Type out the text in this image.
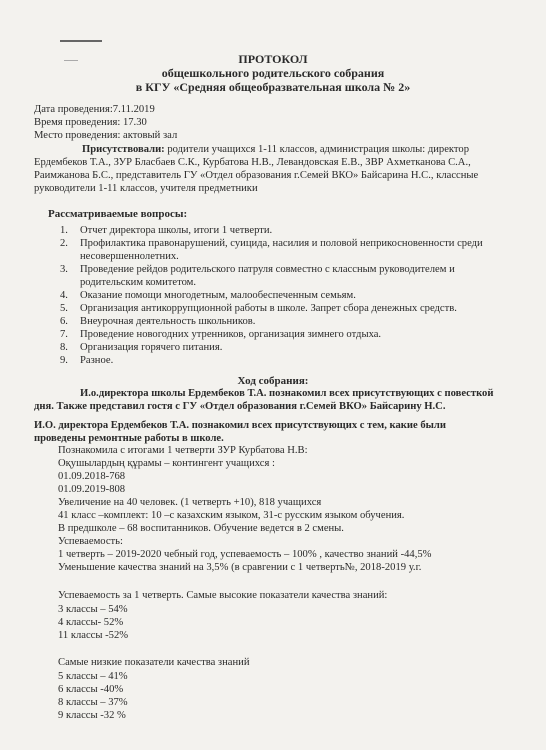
ПРОТОКОЛ
общешкольного родительского собрания
в КГУ «Средняя общеобразвательная школа № 2»
Дата проведения:7.11.2019
Время проведения: 17.30
Место проведения: актовый зал
Присутствовали: родители учащихся 1-11 классов, администрация школы: директор
Ердембеков Т.А., ЗУР Бласбаев С.К., Курбатова Н.В., Левандовская Е.В., ЗВР Ахметканова С.А.,
Раимжанова Б.С., представитель ГУ «Отдел образования г.Семей ВКО» Байсарина Н.С., классные
руководители 1-11 классов, учителя предметники
Рассматриваемые вопросы:
1. Отчет директора школы, итоги 1 четверти.
2. Профилактика правонарушений, суицида, насилия и половой неприкосновенности среди
несовершеннолетних.
3. Проведение рейдов родительского патруля совместно с классным руководителем и
родительским комитетом.
4. Оказание помощи многодетным, малообеспеченным семьям.
5. Организация антикоррупционной работы в школе. Запрет сбора денежных средств.
6. Внеурочная деятельность школьников.
7. Проведение новогодних утренников, организация зимнего отдыха.
8. Организация горячего питания.
9. Разное.
Ход собрания:
И.о.директора школы Ердембеков Т.А. познакомил всех присутствующих с повесткой
дня. Также представил гостя с ГУ «Отдел образования г.Семей ВКО» Байсарину Н.С.
И.О. директора Ердембеков Т.А. познакомил всех присутствующих с тем, какие были
проведены ремонтные работы в школе.
Познакомила с итогами 1 четверти ЗУР Курбатова Н.В:
Оқушылардың құрамы – контингент учащихся :
01.09.2018-768
01.09.2019-808
Увеличение на 40 человек. (1 четверть +10), 818 учащихся
41 класс –комплект: 10 –с казахским языком, 31-с русским языком обучения.
В предшколе – 68 воспитанников. Обучение ведется в 2 смены.
Успеваемость:
1 четверть – 2019-2020 чебный год, успеваемость – 100% , качество знаний -44,5%
Уменьшение качества знаний на 3,5% (в сравгении с 1 четверть№, 2018-2019 у.г.
Успеваемость за 1 четверть. Самые высокие показатели качества знаний:
3 классы – 54%
4 классы- 52%
11 классы -52%
Самые низкие показатели качества знаний
5 классы – 41%
6 классы -40%
8 классы – 37%
9 классы -32 %
